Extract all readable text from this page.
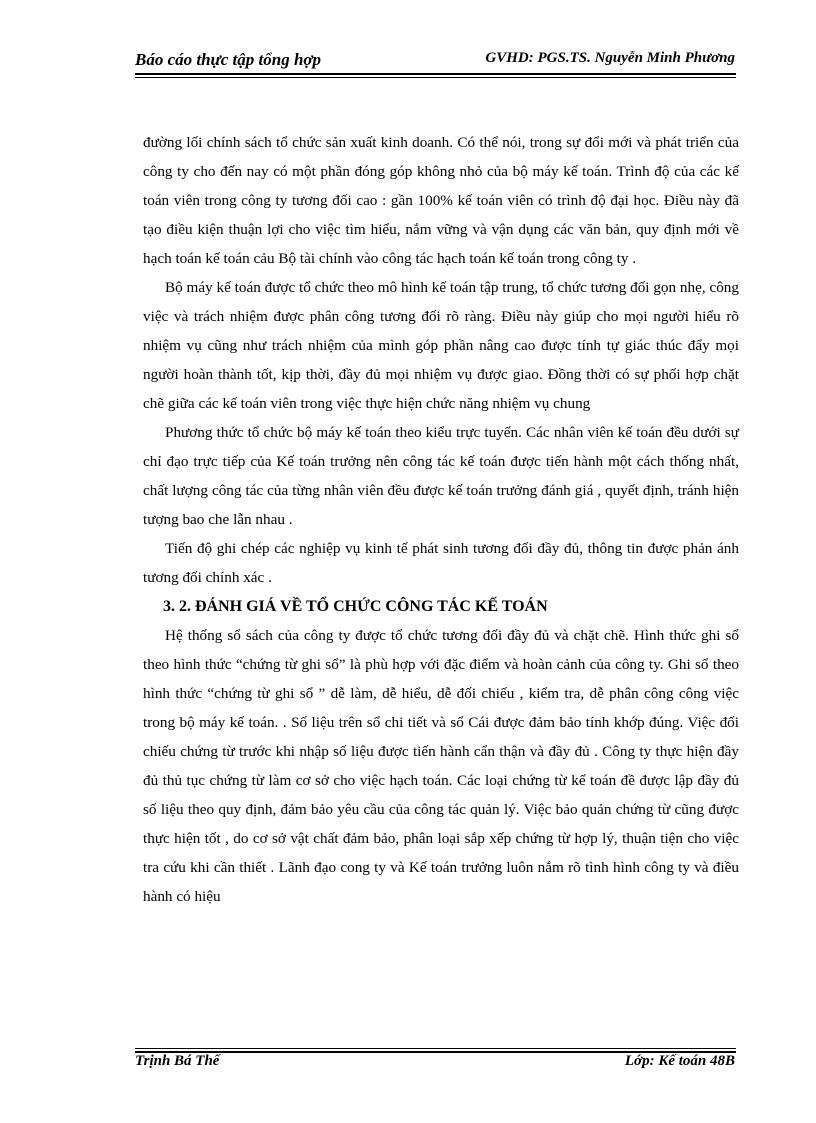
Báo cáo thực tập tổng hợp	GVHD: PGS.TS. Nguyễn Minh Phương

đường lối chính sách tổ chức sản xuất kinh doanh. Có thể nói, trong sự đổi mới và phát triển của công ty cho đến nay có một phần đóng góp không nhỏ của bộ máy kế toán. Trình độ của các kế toán viên trong công ty tương đối cao : gần 100% kế toán viên có trình độ đại học. Điều này đã tạo điều kiện thuận lợi cho việc tìm hiểu, nắm vững và vận dụng các văn bản, quy định mới về hạch toán kế toán cảu Bộ tài chính vào công tác hạch toán kế toán trong công ty .

Bộ máy kế toán được tổ chức theo mô hình kế toán tập trung, tổ chức tương đối gọn nhẹ, công việc và trách nhiệm được phân công tương đối rõ ràng. Điều này giúp cho mọi người hiểu rõ nhiệm vụ cũng như trách nhiệm của mình góp phần nâng cao được tính tự giác thúc đẩy mọi người hoàn thành tốt, kịp thời, đầy đủ mọi nhiệm vụ được giao. Đồng thời có sự phối hợp chặt chẽ giữa các kế toán viên trong việc thực hiện chức năng nhiệm vụ chung

Phương thức tổ chức bộ máy kế toán theo kiểu trực tuyến. Các nhân viên kế toán đều dưới sự chỉ đạo trực tiếp của Kế toán trưởng nên công tác kế toán được tiến hành một cách thống nhất, chất lượng công tác của từng nhân viên đều được kế toán trưởng đánh giá , quyết định, tránh hiện tượng bao che lẫn nhau .

Tiến độ ghi chép các nghiệp vụ kinh tế phát sinh tương đối đầy đủ, thông tin được phản ánh tương đối chính xác .

3. 2. ĐÁNH GIÁ VỀ TỔ CHỨC CÔNG TÁC KẾ TOÁN

Hệ thống sổ sách của công ty được tổ chức tương đối đầy đủ và chặt chẽ. Hình thức ghi sổ theo hình thức “chứng từ ghi sổ” là phù hợp với đặc điểm và hoàn cảnh của công ty. Ghi sổ theo hình thức “chứng từ ghi sổ ” dễ làm, dễ hiểu, dễ đối chiếu , kiểm tra, dễ phân công công việc trong bộ máy kế toán. . Số liệu trên sổ chi tiết và sổ Cái được đảm bảo tính khớp đúng. Việc đối chiếu chứng từ trước khi nhập số liệu được tiến hành cẩn thận và đầy đủ . Công ty thực hiện đầy đủ thủ tục chứng từ làm cơ sở cho việc hạch toán. Các loại chứng từ kế toán đề được lập đầy đủ số liệu theo quy định, đảm bảo yêu cầu của công tác quản lý. Việc bảo quản chứng từ cũng được thực hiện tốt , do cơ sở vật chất đảm bảo, phân loại sắp xếp chứng từ hợp lý, thuận tiện cho việc tra cứu khi cần thiết . Lãnh đạo cong ty và Kế toán trưởng luôn nắm rõ tình hình công ty và điều hành có hiệu

Trịnh Bá Thế	Lớp: Kế toán 48B
